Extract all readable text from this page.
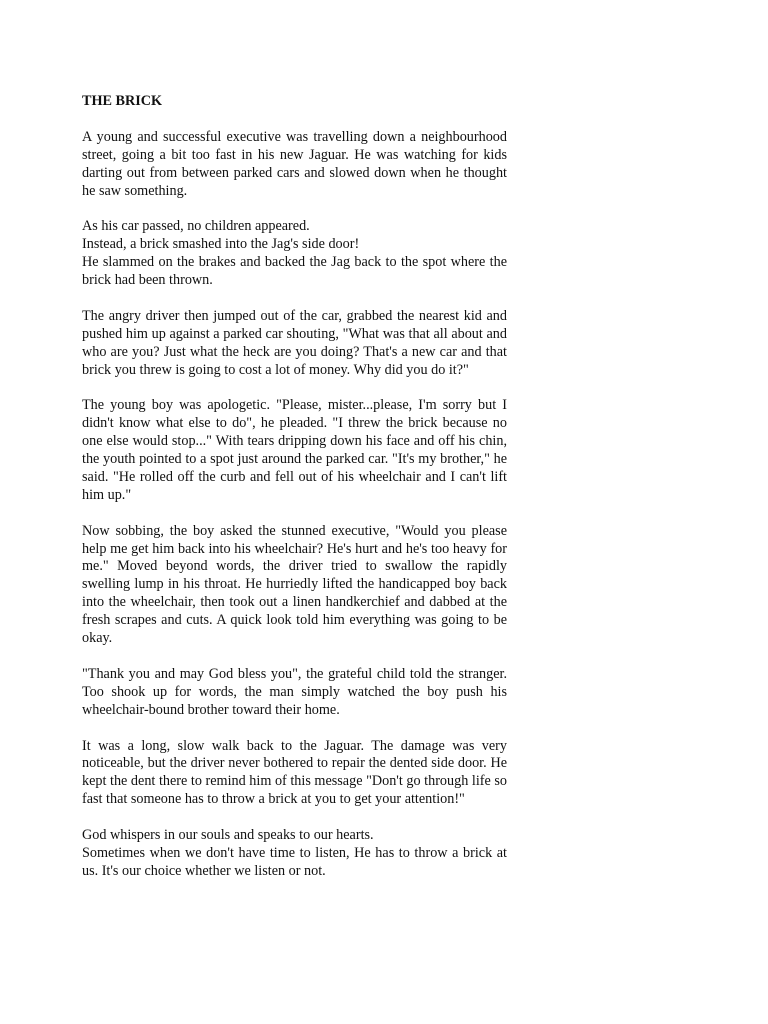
THE BRICK

A young and successful executive was travelling down a neighbourhood street, going a bit too fast in his new Jaguar. He was watching for kids darting out from between parked cars and slowed down when he thought he saw something.

As his car passed, no children appeared.
Instead, a brick smashed into the Jag's side door!
He slammed on the brakes and backed the Jag back to the spot where the brick had been thrown.

The angry driver then jumped out of the car, grabbed the nearest kid and pushed him up against a parked car shouting, "What was that all about and who are you? Just what the heck are you doing? That's a new car and that brick you threw is going to cost a lot of money. Why did you do it?"

The young boy was apologetic. "Please, mister...please, I'm sorry but I didn't know what else to do", he pleaded. "I threw the brick because no one else would stop..." With tears dripping down his face and off his chin, the youth pointed to a spot just around the parked car. "It's my brother," he said. "He rolled off the curb and fell out of his wheelchair and I can't lift him up."

Now sobbing, the boy asked the stunned executive, "Would you please help me get him back into his wheelchair? He's hurt and he's too heavy for me." Moved beyond words, the driver tried to swallow the rapidly swelling lump in his throat. He hurriedly lifted the handicapped boy back into the wheelchair, then took out a linen handkerchief and dabbed at the fresh scrapes and cuts. A quick look told him everything was going to be okay.

"Thank you and may God bless you", the grateful child told the stranger. Too shook up for words, the man simply watched the boy push his wheelchair-bound brother toward their home.

It was a long, slow walk back to the Jaguar. The damage was very noticeable, but the driver never bothered to repair the dented side door. He kept the dent there to remind him of this message "Don't go through life so fast that someone has to throw a brick at you to get your attention!"

God whispers in our souls and speaks to our hearts.
Sometimes when we don't have time to listen, He has to throw a brick at us. It's our choice whether we listen or not.
